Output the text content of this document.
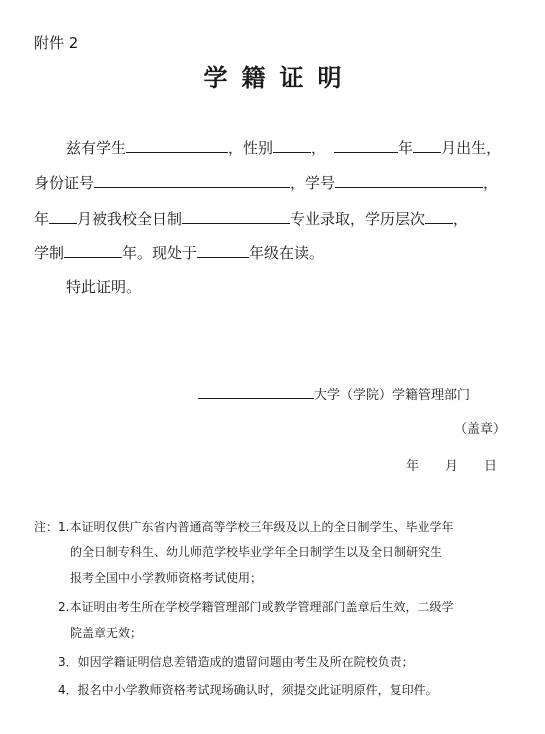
附件 2
学籍证明
兹有学生	，性别	，	年 月出生，
身份证号	，学号	，
年 月被我校全日制	专业录取，学历层次 ，
学制	年。现处于	年级在读。
特此证明。
大学（学院）学籍管理部门
（盖章）
年 月 日
注： 1.本证明仅供广东省内普通高等学校三年级及以上的全日制学生、毕业学年
的全日制专科生、幼儿师范学校毕业学年全日制学生以及全日制研究生
报考全国中小学教师资格考试使用；
2.本证明由考生所在学校学籍管理部门或教学管理部门盖章后生效，二级学
院盖章无效；
3．如因学籍证明信息差错造成的遗留问题由考生及所在院校负责；
4．报名中小学教师资格考试现场确认时，须提交此证明原件，复印件。
